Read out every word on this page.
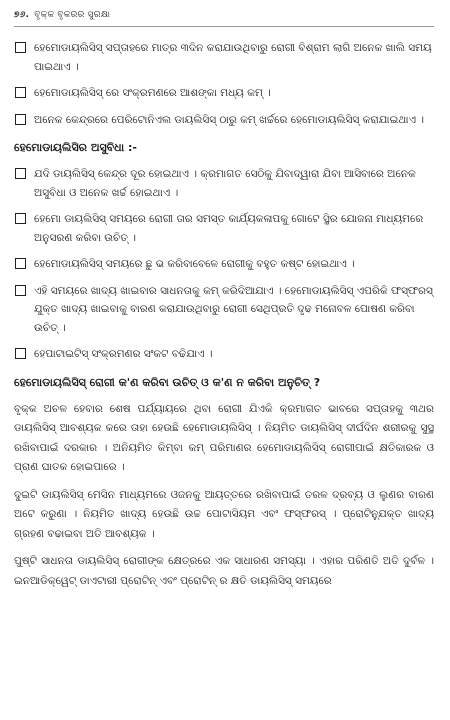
୭୬. ବୃକ୍କ ବୃକରର ସୁରକ୍ଷା
ହେମୋଡାୟଲିସିସ୍ ସପ୍ତାହରେ ମାତ୍ର ୩ଦିନ କରାଯାଉଥିବାରୁ ରୋଗୀ ବିଶ୍ରାମ ଲାଗି ଅନେକ ଖାଲି ସମୟ ପାଇଥାଏ ।
ହେମୋଡାୟଲିସିସ୍ ରେ ସଂକ୍ରମଣରେ ଆଶଙ୍କା ମଧ୍ୟ କମ୍ ।
ଅନେକ କେନ୍ଦ୍ରରେ ପେରିଟୋନିଏଲ ଡାୟଲିସିସ୍ ଠାରୁ କମ୍ ଖର୍ଚ୍ଚରେ ହେମୋଡାୟଲିସିସ୍ କରାଯାଇଥାଏ ।
ହେମୋଡାୟଲିସିର ଅସୁବିଧା :-
ଯଦି ଡାୟଲିସିସ୍ କେନ୍ଦ୍ର ଦୂର ହୋଇଥାଏ । କ୍ରମାଗତ ସେଠିକୁ ଯିବାଦ୍ୱାରା ଯିବା ଆସିବାରେ ଅନେକ ଅସୁବିଧା ଓ ଅନେକ ଖର୍ଚ୍ଚ ହୋଇଥାଏ ।
ହେମୋ ଡାୟଲିସିସ୍ ସମୟରେ ରୋଗୀ ତାର ସମସ୍ତ କାର୍ଯ୍ୟକଳାପକୁ ଗୋଟେ ସ୍ଥିର ଯୋଜନା ମାଧ୍ୟମରେ ଅନୁସରଣ କରିବା ଉଚିତ୍ ।
ହେମୋଡାୟଲିସିସ୍ ସମୟରେ ଛୁ ଭ କରିବାବେଳେ ରୋଗୀକୁ ବହୁତ କଷ୍ଟ ହୋଇଥାଏ ।
ଏହି ସମୟରେ ଖାଦ୍ୟ ଖାଇବାର ସାଧନତାକୁ କମ୍ କରିଦିଆଯାଏ । ହେମୋଡାୟଲିସିସ୍ ଏପରିକି ଫସ୍ଫରସ୍ ଯୁକ୍ତ ଖାଦ୍ୟ ଖାଇବାକୁ ବାରଣ କରାଯାଉଥିବାରୁ ରୋଗୀ ସେଥିପ୍ରତି ଦୃଢ ମନୋବଳ ପୋଷଣ କରିବା ଉଚିତ୍ ।
ହେପାଟାଇଟିସ୍ ସଂକ୍ରମଣର ସଂକଟ ବଢିଯାଏ ।
ହେମୋଡାୟଲିସିସ୍ ରୋଗୀ କ'ଣ କରିବା ଉଚିତ୍ ଓ କ'ଣ ନ କରିବା ଅନୁଚିତ୍ ?

ବୃକ୍କ ଅଚଳ ହେବାର ଶେଷ ପର୍ଯ୍ୟାୟରେ ଥିବା ରୋଗୀ ଯିଏକି କ୍ରମାଗତ ଭାବରେ ସପ୍ତାହକୁ ୩ଥର ଡାୟଲିସିସ୍ ଆବଶ୍ୟକ କରେ ତାହା ହେଉଛି ହେମୋଡାୟଲିସିସ୍ । ନିୟମିତ ଡାୟଲିସିସ୍ ଦୀର୍ଘଦିନ ଶରୀରକୁ ସୁସ୍ଥ ରଖିବାପାଇଁ ଦରକାର । ଅନିୟମିତ କିମ୍ବା କମ୍ ପରିମାଣର ହେମୋଡାୟଲିସିସ୍ ରୋଗୀପାଇଁ କ୍ଷତିକାରକ ଓ ପ୍ରାଣ ଘାତକ ହୋଇପାରେ ।

ଦୁଇଟି ଡାୟଲିସିସ୍ ମେସିନ ମାଧ୍ୟମରେ ଓଜନକୁ ଆୟତ୍ତରେ ରଖିବାପାଇଁ ତରଳ ଦ୍ରବ୍ୟ ଓ ଲୁଣର ବାରଣ ଅଟେ କରୁଣା । ନିୟମିତ ଖାଦ୍ୟ ହେଉଛି ଉଚ୍ଚ ପୋଟାସିୟମ ଏବଂ ଫସ୍ଫରସ୍ । ପ୍ରୋଟିନ୍ଯୁକ୍ତ ଖାଦ୍ୟ ଗ୍ରହଣ ବଢାଇବା ଅତି ଆବଶ୍ୟକ ।

ପୁଷ୍ଟି ସାଧନତା ଡାୟଲିସିସ୍ ରୋଗୀଙ୍କ କ୍ଷେତ୍ରରେ ଏକ ସାଧାରଣ ସମସ୍ୟା । ଏହାର ପରିଣତି ଅତି ଦୁର୍ବଳ । ଇନଆଡିକ୍ୱେଟ୍ ଡାଏଟାରୀ ପ୍ରୋଟିନ୍ ଏବଂ ପ୍ରୋଟିନ୍ ର କ୍ଷତି ଡାୟଲିସିସ୍ ସମୟରେ
